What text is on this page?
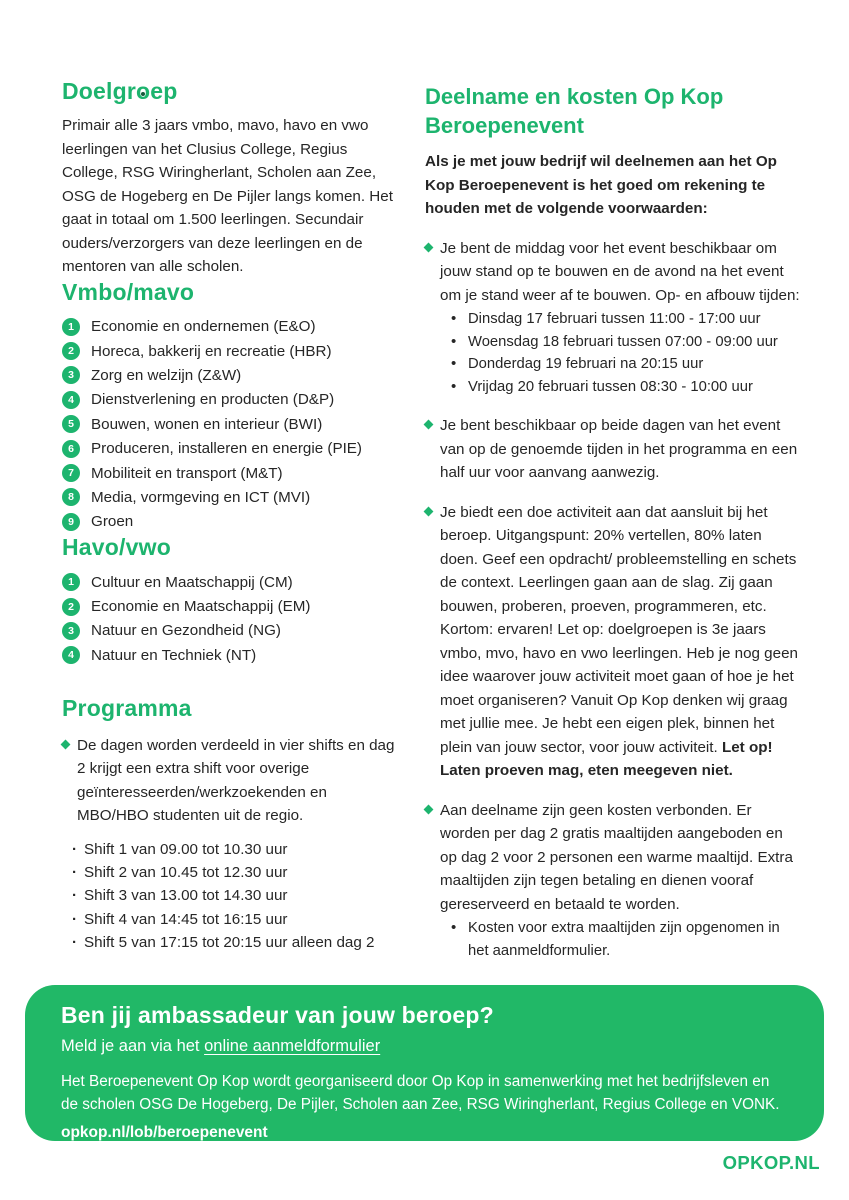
Doelgroep

Primair alle 3 jaars vmbo, mavo, havo en vwo leerlingen van het Clusius College, Regius College, RSG Wiringherlant, Scholen aan Zee, OSG de Hogeberg en De Pijler langs komen. Het gaat in totaal om 1.500 leerlingen. Secundair ouders/verzorgers van deze leerlingen en de mentoren van alle scholen.

Vmbo/mavo
1	Economie en ondernemen (E&O)
2	Horeca, bakkerij en recreatie (HBR)
3	Zorg en welzijn (Z&W)
4	Dienstverlening en producten (D&P)
5	Bouwen, wonen en interieur (BWI)
6	Produceren, installeren en energie (PIE)
7	Mobiliteit en transport (M&T)
8	Media, vormgeving en ICT (MVI)
9	Groen
Havo/vwo
1	Cultuur en Maatschappij (CM)
2	Economie en Maatschappij (EM)
3	Natuur en Gezondheid (NG)
4	Natuur en Techniek (NT)
Programma
De dagen worden verdeeld in vier shifts en dag 2 krijgt een extra shift voor overige geïnteresseerden/werkzoekenden en MBO/HBO studenten uit de regio.
· Shift 1 van 09.00 tot 10.30 uur
· Shift 2 van 10.45 tot 12.30 uur
· Shift 3 van 13.00 tot 14.30 uur
· Shift 4 van 14:45 tot 16:15 uur
· Shift 5 van 17:15 tot 20:15 uur alleen dag 2
Deelname en kosten Op Kop Beroepenevent

Als je met jouw bedrijf wil deelnemen aan het Op Kop Beroepenevent is het goed om rekening te houden met de volgende voorwaarden:

Je bent de middag voor het event beschikbaar om jouw stand op te bouwen en de avond na het event om je stand weer af te bouwen. Op- en afbouw tijden:
• Dinsdag 17 februari tussen 11:00 - 17:00 uur
• Woensdag 18 februari tussen 07:00 - 09:00 uur
• Donderdag 19 februari na 20:15 uur
• Vrijdag 20 februari tussen 08:30 - 10:00 uur
Je bent beschikbaar op beide dagen van het event van op de genoemde tijden in het programma en een half uur voor aanvang aanwezig.
Je biedt een doe activiteit aan dat aansluit bij het beroep. Uitgangspunt: 20% vertellen, 80% laten doen. Geef een opdracht/ probleemstelling en schets de context. Leerlingen gaan aan de slag. Zij gaan bouwen, proberen, proeven, programmeren, etc. Kortom: ervaren! Let op: doelgroepen is 3e jaars vmbo, mvo, havo en vwo leerlingen. Heb je nog geen idee waarover jouw activiteit moet gaan of hoe je het moet organiseren? Vanuit Op Kop denken wij graag met jullie mee. Je hebt een eigen plek, binnen het plein van jouw sector, voor jouw activiteit. Let op! Laten proeven mag, eten meegeven niet.
Aan deelname zijn geen kosten verbonden. Er worden per dag 2 gratis maaltijden aangeboden en op dag 2 voor 2 personen een warme maaltijd. Extra maaltijden zijn tegen betaling en dienen vooraf gereserveerd en betaald te worden.
• Kosten voor extra maaltijden zijn opgenomen in het aanmeldformulier.
Ben jij ambassadeur van jouw beroep?
Meld je aan via het online aanmeldformulier

Het Beroepenevent Op Kop wordt georganiseerd door Op Kop in samenwerking met het bedrijfsleven en de scholen OSG De Hogeberg, De Pijler, Scholen aan Zee, RSG Wiringherlant, Regius College en VONK.

opkop.nl/lob/beroepenevent

OPKOP.NL
